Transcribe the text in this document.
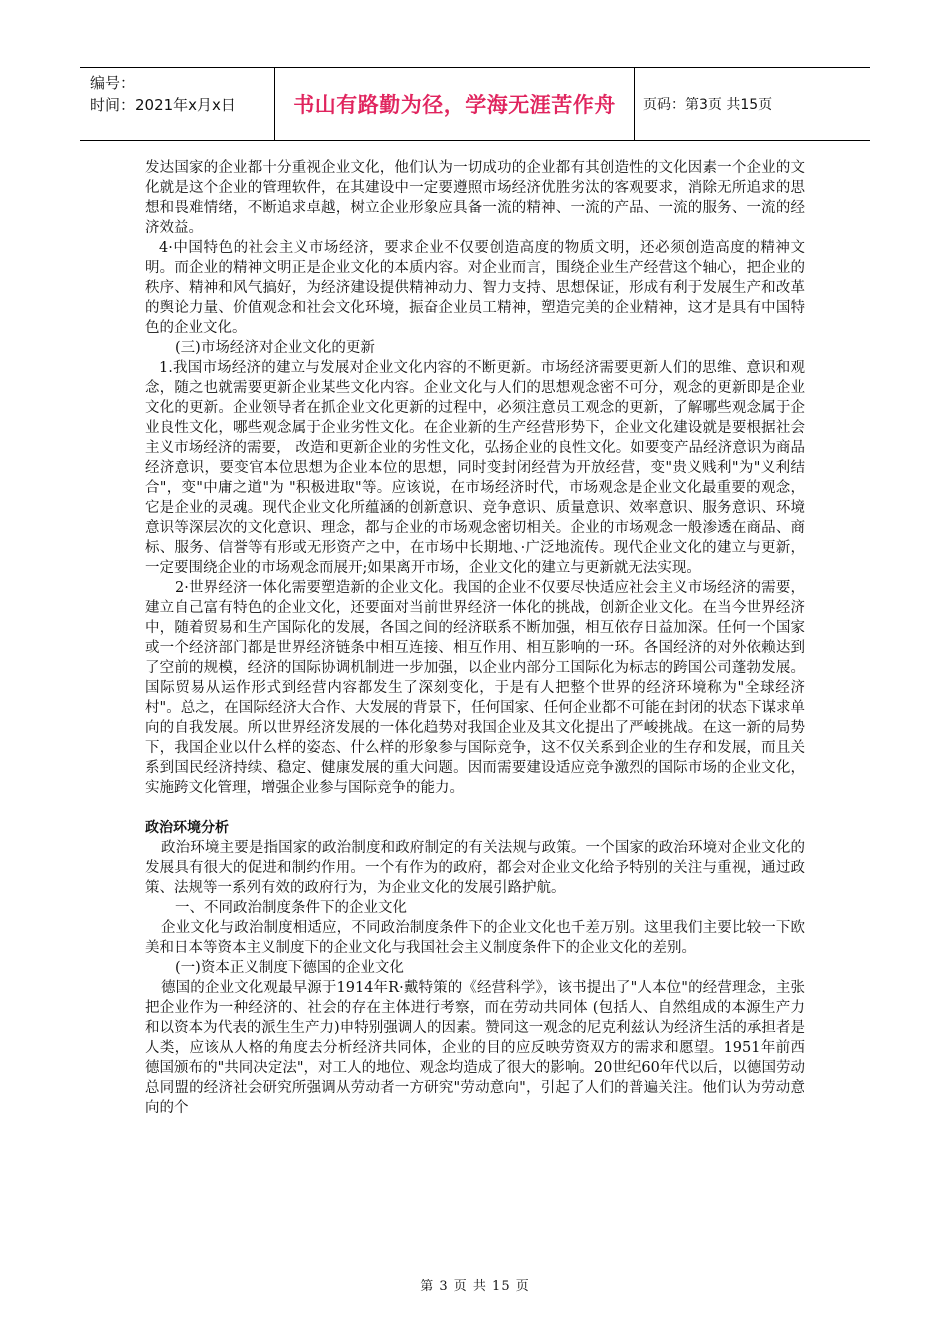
编号：
时间：2021年x月x日	书山有路勤为径，学海无涯苦作舟 页码：第3页 共15页

发达国家的企业都十分重视企业文化，他们认为一切成功的企业都有其创造性的文化因素一个企业的文化就是这个企业的管理软件，在其建设中一定要遵照市场经济优胜劣汰的客观要求，消除无所追求的思想和畏难情绪，不断追求卓越，树立企业形象应具备一流的精神、一流的产品、一流的服务、一流的经济效益。

4·中国特色的社会主义市场经济，要求企业不仅要创造高度的物质文明，还必须创造高度的精神文明。而企业的精神文明正是企业文化的本质内容。对企业而言，围绕企业生产经营这个轴心，把企业的秩序、精神和风气搞好，为经济建设提供精神动力、智力支持、思想保证，形成有利于发展生产和改革的舆论力量、价值观念和社会文化环境，振奋企业员工精神，塑造完美的企业精神，这才是具有中国特色的企业文化。

(三)市场经济对企业文化的更新

1.我国市场经济的建立与发展对企业文化内容的不断更新。市场经济需要更新人们的思维、意识和观念，随之也就需要更新企业某些文化内容。企业文化与人们的思想观念密不可分，观念的更新即是企业文化的更新。企业领导者在抓企业文化更新的过程中，必须注意员工观念的更新，了解哪些观念属于企业良性文化，哪些观念属于企业劣性文化。在企业新的生产经营形势下，企业文化建设就是要根据社会主义市场经济的需要， 改造和更新企业的劣性文化，弘扬企业的良性文化。如要变产品经济意识为商品经济意识，要变官本位思想为企业本位的思想，同时变封闭经营为开放经营，变"贵义贱利"为"义利结合"，变"中庸之道"为 "积极进取"等。应该说，在市场经济时代，市场观念是企业文化最重要的观念，它是企业的灵魂。现代企业文化所蕴涵的创新意识、竞争意识、质量意识、效率意识、服务意识、环境意识等深层次的文化意识、理念，都与企业的市场观念密切相关。企业的市场观念一般渗透在商品、商标、服务、信誉等有形或无形资产之中，在市场中长期地、·广泛地流传。现代企业文化的建立与更新，一定要围绕企业的市场观念而展开;如果离开市场，企业文化的建立与更新就无法实现。

2·世界经济一体化需要塑造新的企业文化。我国的企业不仅要尽快适应社会主义市场经济的需要，建立自己富有特色的企业文化，还要面对当前世界经济一体化的挑战，创新企业文化。在当今世界经济中，随着贸易和生产国际化的发展，各国之间的经济联系不断加强，相互依存日益加深。任何一个国家或一个经济部门都是世界经济链条中相互连接、相互作用、相互影响的一环。各国经济的对外依赖达到了空前的规模，经济的国际协调机制进一步加强，以企业内部分工国际化为标志的跨国公司蓬勃发展。国际贸易从运作形式到经营内容都发生了深刻变化，于是有人把整个世界的经济环境称为"全球经济村"。总之，在国际经济大合作、大发展的背景下，任何国家、任何企业都不可能在封闭的状态下谋求单向的自我发展。所以世界经济发展的一体化趋势对我国企业及其文化提出了严峻挑战。在这一新的局势下，我国企业以什么样的姿态、什么样的形象参与国际竞争，这不仅关系到企业的生存和发展，而且关系到国民经济持续、稳定、健康发展的重大问题。因而需要建设适应竞争激烈的国际市场的企业文化，实施跨文化管理，增强企业参与国际竞争的能力。

政治环境分析

政治环境主要是指国家的政治制度和政府制定的有关法规与政策。一个国家的政治环境对企业文化的发展具有很大的促进和制约作用。一个有作为的政府，都会对企业文化给予特别的关注与重视，通过政策、法规等一系列有效的政府行为，为企业文化的发展引路护航。

一、不同政治制度条件下的企业文化

企业文化与政治制度相适应，不同政治制度条件下的企业文化也千差万别。这里我们主要比较一下欧美和日本等资本主义制度下的企业文化与我国社会主义制度条件下的企业文化的差别。

(一)资本正义制度下德国的企业文化

德国的企业文化观最早源于1914年R·戴特策的《经营科学》，该书提出了"人本位"的经营理念，主张把企业作为一种经济的、社会的存在主体进行考察，而在劳动共同体 (包括人、自然组成的本源生产力和以资本为代表的派生生产力)申特别强调人的因素。赞同这一观念的尼克利兹认为经济生活的承担者是人类，应该从人格的角度去分析经济共同体，企业的目的应反映劳资双方的需求和愿望。1951年前西德国颁布的"共同决定法"，对工人的地位、观念均造成了很大的影响。20世纪60年代以后，以德国劳动总同盟的经济社会研究所强调从劳动者一方研究"劳动意向"，引起了人们的普遍关注。他们认为劳动意向的个

第 3 页 共 15 页
